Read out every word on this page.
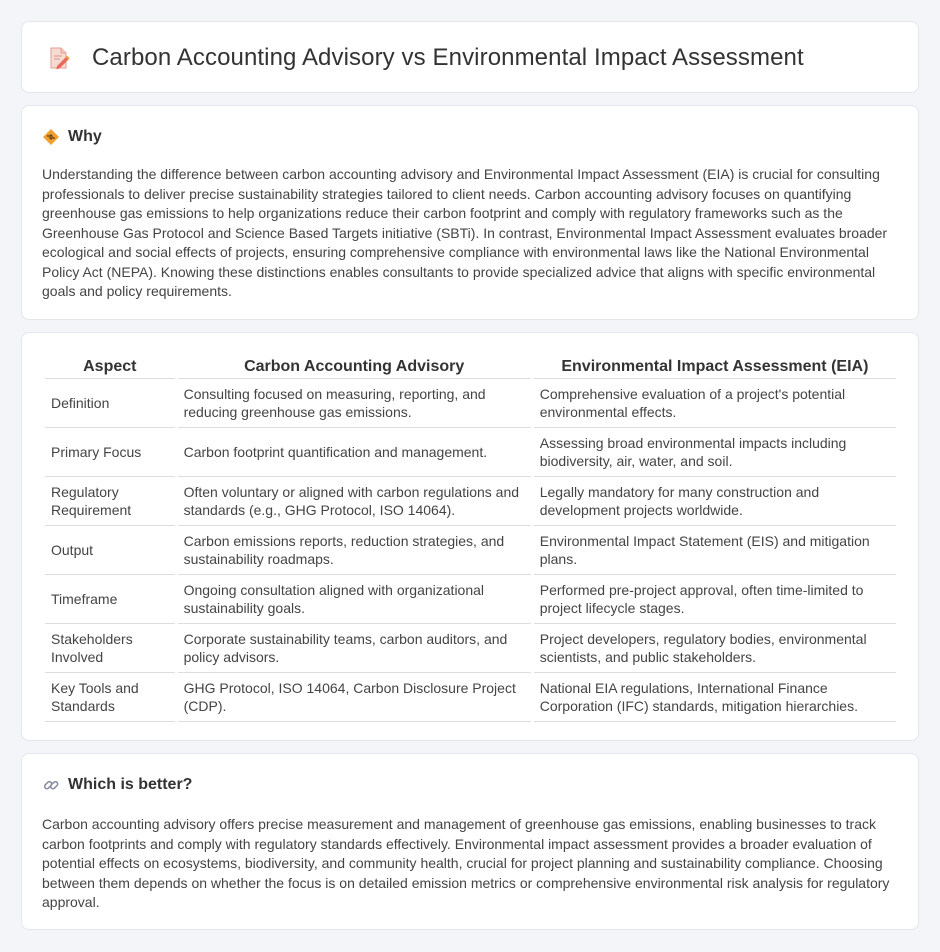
Carbon Accounting Advisory vs Environmental Impact Assessment
Why

Understanding the difference between carbon accounting advisory and Environmental Impact Assessment (EIA) is crucial for consulting professionals to deliver precise sustainability strategies tailored to client needs. Carbon accounting advisory focuses on quantifying greenhouse gas emissions to help organizations reduce their carbon footprint and comply with regulatory frameworks such as the Greenhouse Gas Protocol and Science Based Targets initiative (SBTi). In contrast, Environmental Impact Assessment evaluates broader ecological and social effects of projects, ensuring comprehensive compliance with environmental laws like the National Environmental Policy Act (NEPA). Knowing these distinctions enables consultants to provide specialized advice that aligns with specific environmental goals and policy requirements.

Aspect	Carbon Accounting Advisory	Environmental Impact Assessment (EIA)
Definition	Consulting focused on measuring, reporting, and reducing greenhouse gas emissions.	Comprehensive evaluation of a project's potential environmental effects.
Primary Focus	Carbon footprint quantification and management.	Assessing broad environmental impacts including biodiversity, air, water, and soil.
Regulatory Requirement	Often voluntary or aligned with carbon regulations and standards (e.g., GHG Protocol, ISO 14064).	Legally mandatory for many construction and development projects worldwide.
Output	Carbon emissions reports, reduction strategies, and sustainability roadmaps.	Environmental Impact Statement (EIS) and mitigation plans.
Timeframe	Ongoing consultation aligned with organizational sustainability goals.	Performed pre-project approval, often time-limited to project lifecycle stages.
Stakeholders Involved	Corporate sustainability teams, carbon auditors, and policy advisors.	Project developers, regulatory bodies, environmental scientists, and public stakeholders.
Key Tools and Standards	GHG Protocol, ISO 14064, Carbon Disclosure Project (CDP).	National EIA regulations, International Finance Corporation (IFC) standards, mitigation hierarchies.
Which is better?

Carbon accounting advisory offers precise measurement and management of greenhouse gas emissions, enabling businesses to track carbon footprints and comply with regulatory standards effectively. Environmental impact assessment provides a broader evaluation of potential effects on ecosystems, biodiversity, and community health, crucial for project planning and sustainability compliance. Choosing between them depends on whether the focus is on detailed emission metrics or comprehensive environmental risk analysis for regulatory approval.
